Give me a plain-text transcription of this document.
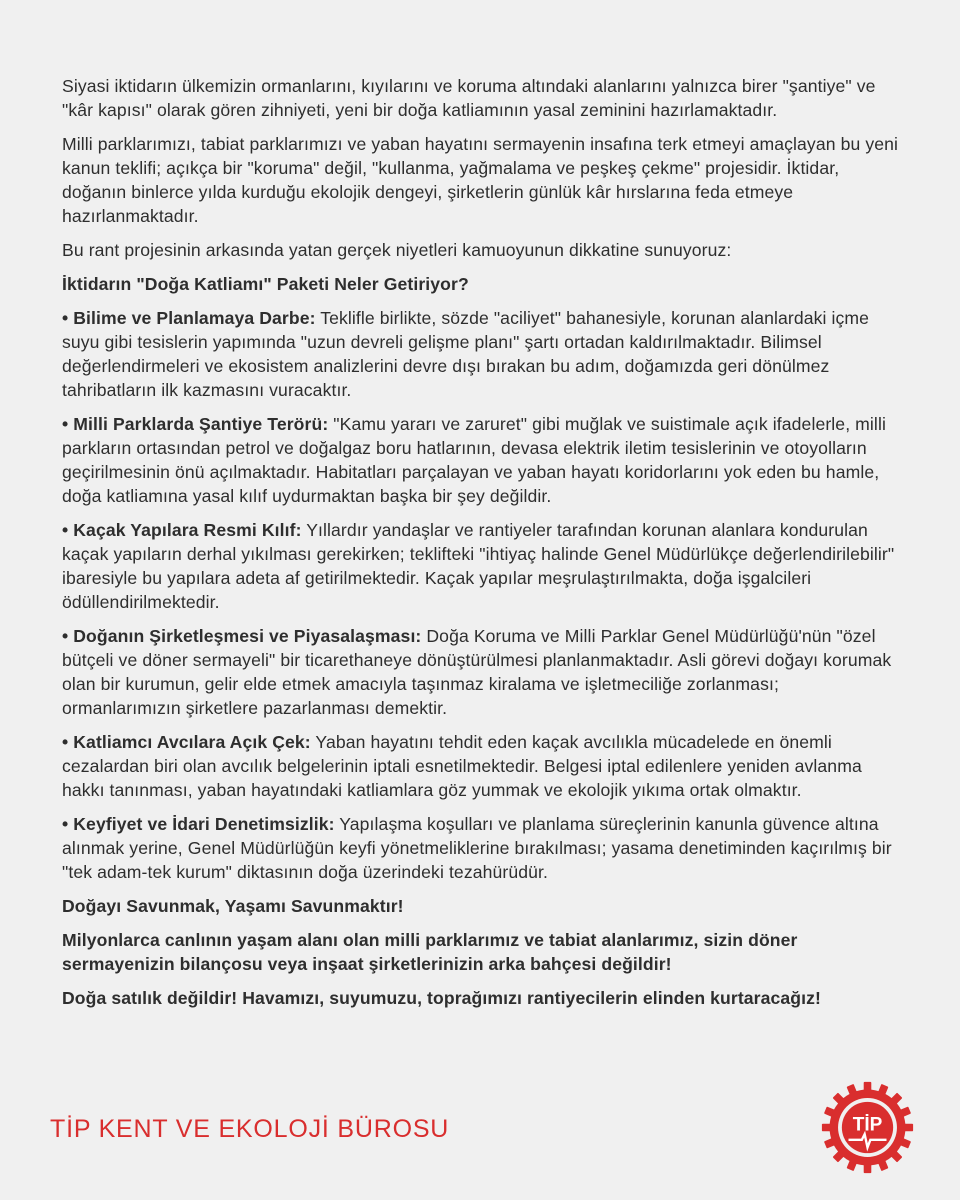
Siyasi iktidarın ülkemizin ormanlarını, kıyılarını ve koruma altındaki alanlarını yalnızca birer "şantiye" ve "kâr kapısı" olarak gören zihniyeti, yeni bir doğa katliamının yasal zeminini hazırlamaktadır.

Milli parklarımızı, tabiat parklarımızı ve yaban hayatını sermayenin insafına terk etmeyi amaçlayan bu yeni kanun teklifi; açıkça bir "koruma" değil, "kullanma, yağmalama ve peşkeş çekme" projesidir. İktidar, doğanın binlerce yılda kurduğu ekolojik dengeyi, şirketlerin günlük kâr hırslarına feda etmeye hazırlanmaktadır.

Bu rant projesinin arkasında yatan gerçek niyetleri kamuoyunun dikkatine sunuyoruz:

İktidarın "Doğa Katliamı" Paketi Neler Getiriyor?

• Bilime ve Planlamaya Darbe: Teklifle birlikte, sözde "aciliyet" bahanesiyle, korunan alanlardaki içme suyu gibi tesislerin yapımında "uzun devreli gelişme planı" şartı ortadan kaldırılmaktadır. Bilimsel değerlendirmeleri ve ekosistem analizlerini devre dışı bırakan bu adım, doğamızda geri dönülmez tahribatların ilk kazmasını vuracaktır.

• Milli Parklarda Şantiye Terörü: "Kamu yararı ve zaruret" gibi muğlak ve suistimale açık ifadelerle, milli parkların ortasından petrol ve doğalgaz boru hatlarının, devasa elektrik iletim tesislerinin ve otoyolların geçirilmesinin önü açılmaktadır. Habitatları parçalayan ve yaban hayatı koridorlarını yok eden bu hamle, doğa katliamına yasal kılıf uydurmaktan başka bir şey değildir.

• Kaçak Yapılara Resmi Kılıf: Yıllardır yandaşlar ve rantiyeler tarafından korunan alanlara kondurulan kaçak yapıların derhal yıkılması gerekirken; teklifteki "ihtiyaç halinde Genel Müdürlükçe değerlendirilebilir" ibaresiyle bu yapılara adeta af getirilmektedir. Kaçak yapılar meşrulaştırılmakta, doğa işgalcileri ödüllendirilmektedir.

• Doğanın Şirketleşmesi ve Piyasalaşması: Doğa Koruma ve Milli Parklar Genel Müdürlüğü'nün "özel bütçeli ve döner sermayeli" bir ticarethaneye dönüştürülmesi planlanmaktadır. Asli görevi doğayı korumak olan bir kurumun, gelir elde etmek amacıyla taşınmaz kiralama ve işletmeciliğe zorlanması; ormanlarımızın şirketlere pazarlanması demektir.

• Katliamcı Avcılara Açık Çek: Yaban hayatını tehdit eden kaçak avcılıkla mücadelede en önemli cezalardan biri olan avcılık belgelerinin iptali esnetilmektedir. Belgesi iptal edilenlere yeniden avlanma hakkı tanınması, yaban hayatındaki katliamlara göz yummak ve ekolojik yıkıma ortak olmaktır.

• Keyfiyet ve İdari Denetimsizlik: Yapılaşma koşulları ve planlama süreçlerinin kanunla güvence altına alınmak yerine, Genel Müdürlüğün keyfi yönetmeliklerine bırakılması; yasama denetiminden kaçırılmış bir "tek adam-tek kurum" diktasının doğa üzerindeki tezahürüdür.

Doğayı Savunmak, Yaşamı Savunmaktır!

Milyonlarca canlının yaşam alanı olan milli parklarımız ve tabiat alanlarımız, sizin döner sermayenizin bilançosu veya inşaat şirketlerinizin arka bahçesi değildir!

Doğa satılık değildir! Havamızı, suyumuzu, toprağımızı rantiyecilerin elinden kurtaracağız!

TİP KENT VE EKOLOJİ BÜROSU	TİP
